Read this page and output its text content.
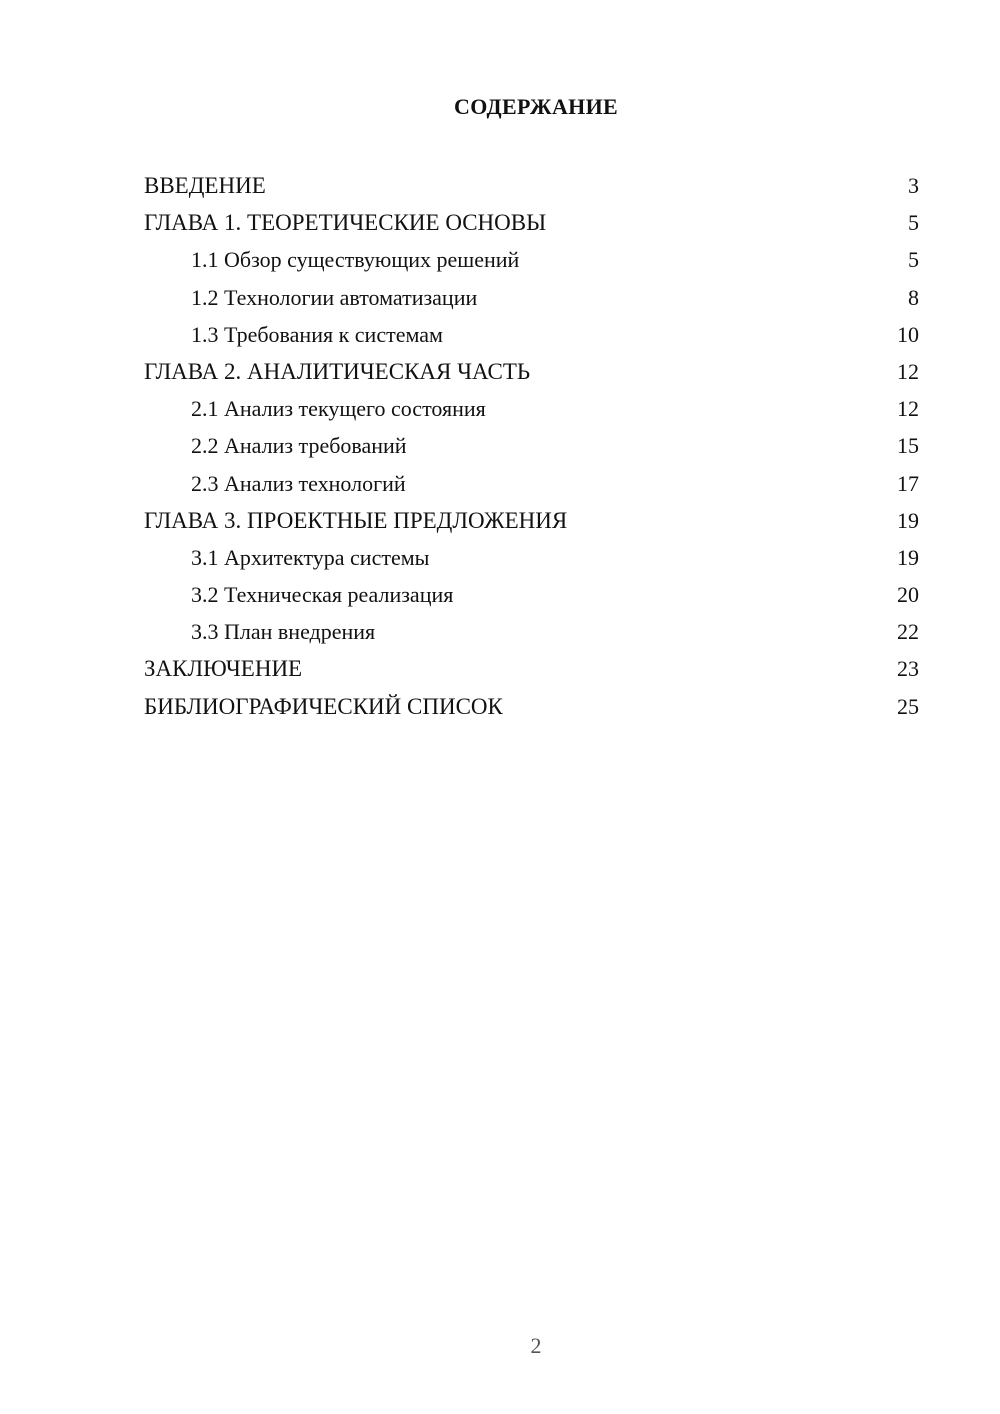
СОДЕРЖАНИЕ
ВВЕДЕНИЕ	3
ГЛАВА 1. ТЕОРЕТИЧЕСКИЕ ОСНОВЫ	5
1.1 Обзор существующих решений	5
1.2 Технологии автоматизации	8
1.3 Требования к системам	10
ГЛАВА 2. АНАЛИТИЧЕСКАЯ ЧАСТЬ	12
2.1 Анализ текущего состояния	12
2.2 Анализ требований	15
2.3 Анализ технологий	17
ГЛАВА 3. ПРОЕКТНЫЕ ПРЕДЛОЖЕНИЯ	19
3.1 Архитектура системы	19
3.2 Техническая реализация	20
3.3 План внедрения	22
ЗАКЛЮЧЕНИЕ	23
БИБЛИОГРАФИЧЕСКИЙ СПИСОК	25
2
